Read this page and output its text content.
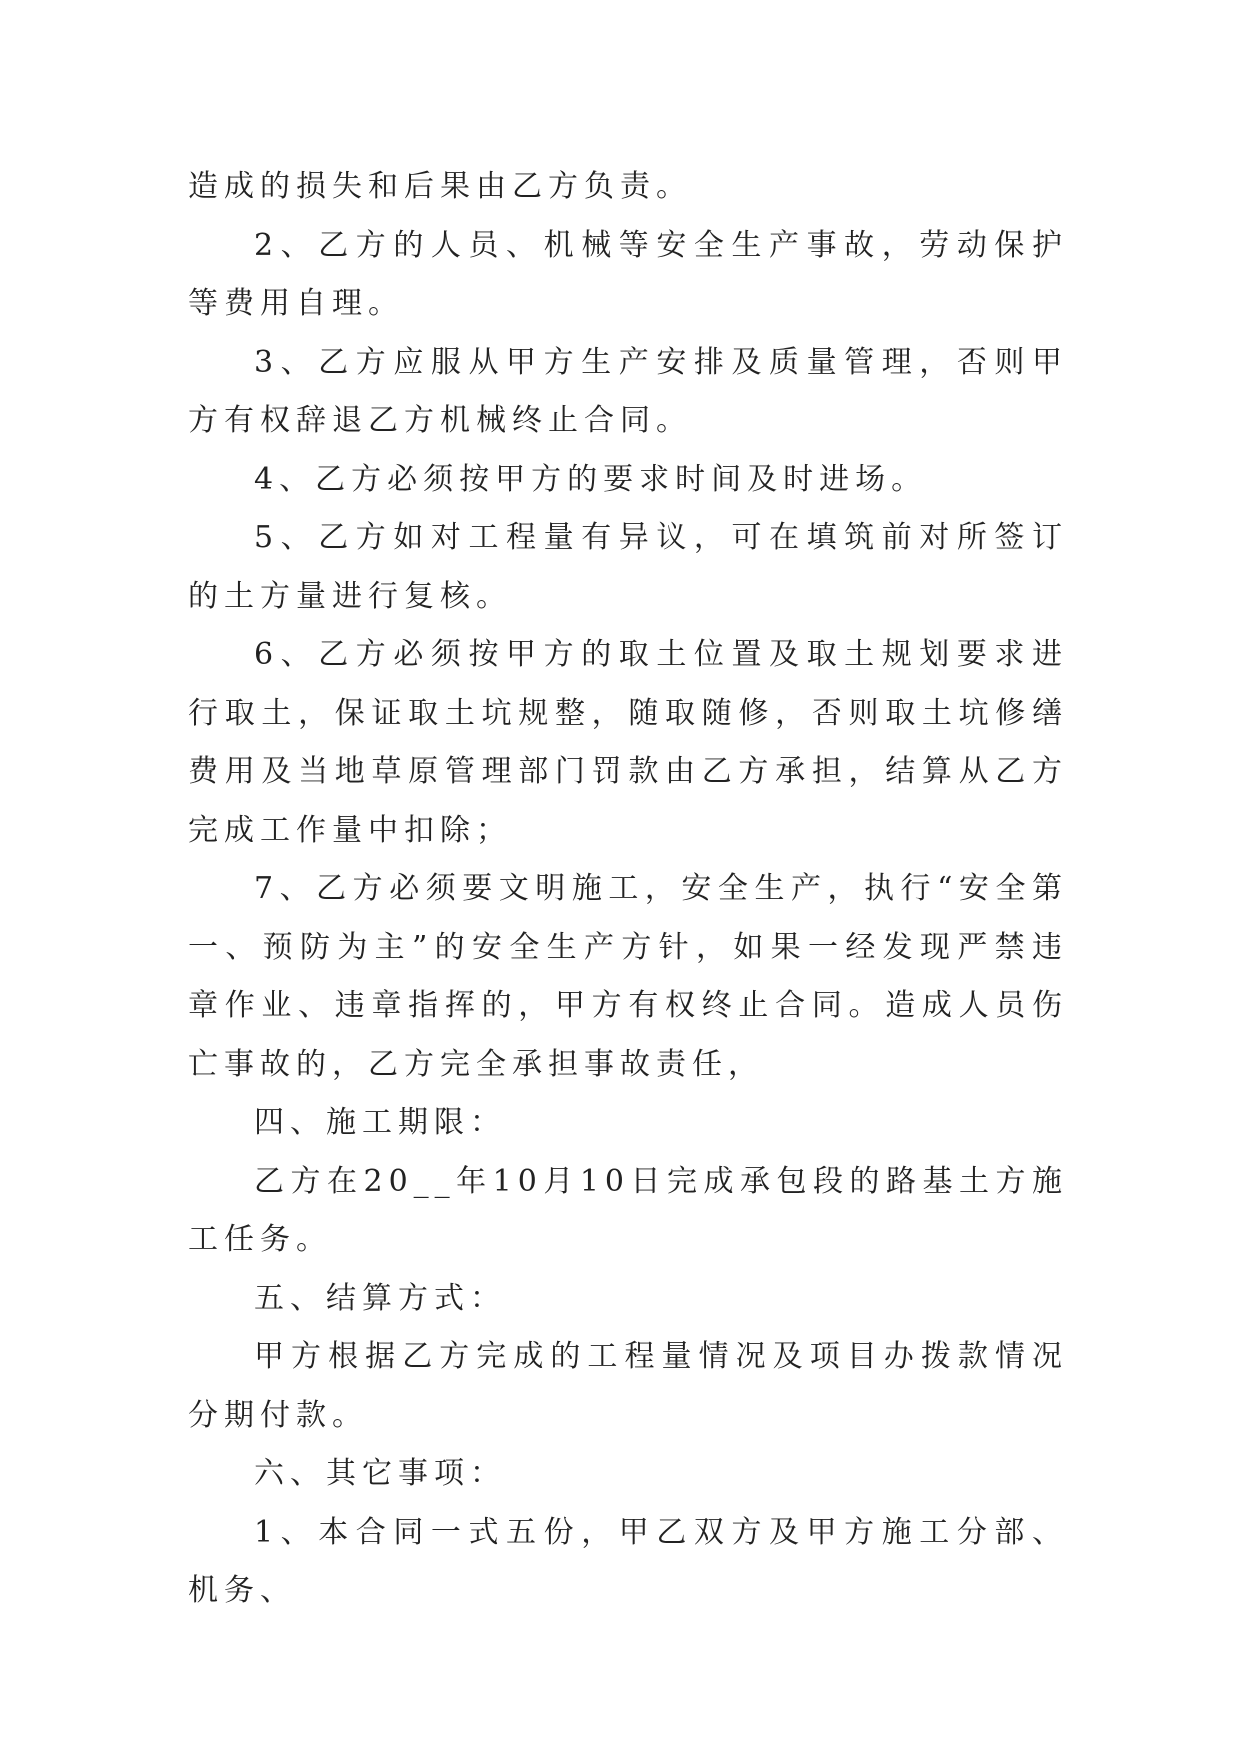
造成的损失和后果由乙方负责。

2、乙方的人员、机械等安全生产事故，劳动保护等费用自理。

3、乙方应服从甲方生产安排及质量管理，否则甲方有权辞退乙方机械终止合同。

4、乙方必须按甲方的要求时间及时进场。

5、乙方如对工程量有异议，可在填筑前对所签订的土方量进行复核。

6、乙方必须按甲方的取土位置及取土规划要求进行取土，保证取土坑规整，随取随修，否则取土坑修缮费用及当地草原管理部门罚款由乙方承担，结算从乙方完成工作量中扣除；

7、乙方必须要文明施工，安全生产，执行“安全第一、预防为主”的安全生产方针，如果一经发现严禁违章作业、违章指挥的，甲方有权终止合同。造成人员伤亡事故的，乙方完全承担事故责任，

四、施工期限：

乙方在20__年10月10日完成承包段的路基土方施工任务。

五、结算方式：

甲方根据乙方完成的工程量情况及项目办拨款情况分期付款。

六、其它事项：

1、本合同一式五份，甲乙双方及甲方施工分部、机务、
